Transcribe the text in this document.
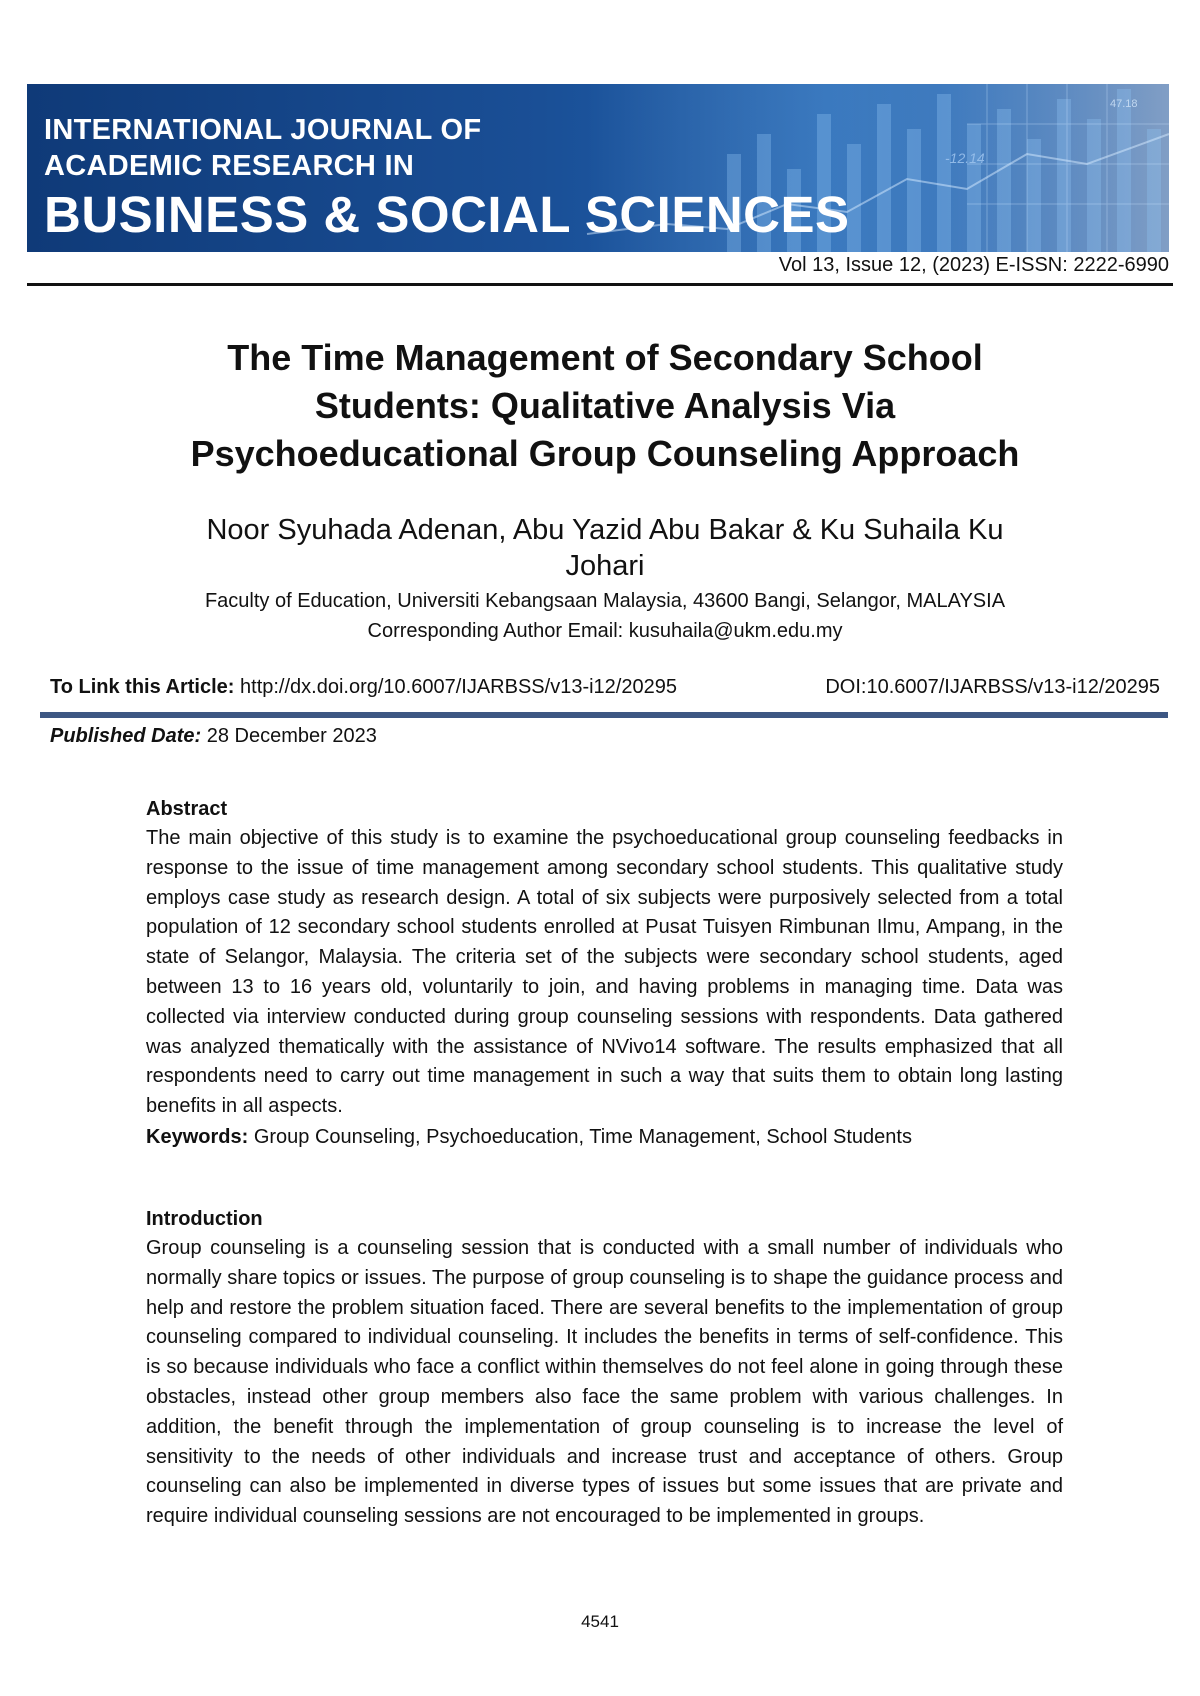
INTERNATIONAL JOURNAL OF
ACADEMIC RESEARCH IN
BUSINESS & SOCIAL SCIENCES
-12.14
47.18
Vol 13, Issue 12, (2023) E-ISSN: 2222-6990
The Time Management of Secondary School
Students: Qualitative Analysis Via
Psychoeducational Group Counseling Approach
Noor Syuhada Adenan, Abu Yazid Abu Bakar & Ku Suhaila Ku
Johari
Faculty of Education, Universiti Kebangsaan Malaysia, 43600 Bangi, Selangor, MALAYSIA
Corresponding Author Email: kusuhaila@ukm.edu.my
To Link this Article: http://dx.doi.org/10.6007/IJARBSS/v13-i12/20295	DOI:10.6007/IJARBSS/v13-i12/20295
Published Date: 28 December 2023
Abstract

The main objective of this study is to examine the psychoeducational group counseling feedbacks in response to the issue of time management among secondary school students. This qualitative study employs case study as research design. A total of six subjects were purposively selected from a total population of 12 secondary school students enrolled at Pusat Tuisyen Rimbunan Ilmu, Ampang, in the state of Selangor, Malaysia. The criteria set of the subjects were secondary school students, aged between 13 to 16 years old, voluntarily to join, and having problems in managing time. Data was collected via interview conducted during group counseling sessions with respondents. Data gathered was analyzed thematically with the assistance of NVivo14 software. The results emphasized that all respondents need to carry out time management in such a way that suits them to obtain long lasting benefits in all aspects.

Keywords: Group Counseling, Psychoeducation, Time Management, School Students
Introduction

Group counseling is a counseling session that is conducted with a small number of individuals who normally share topics or issues. The purpose of group counseling is to shape the guidance process and help and restore the problem situation faced. There are several benefits to the implementation of group counseling compared to individual counseling. It includes the benefits in terms of self-confidence. This is so because individuals who face a conflict within themselves do not feel alone in going through these obstacles, instead other group members also face the same problem with various challenges. In addition, the benefit through the implementation of group counseling is to increase the level of sensitivity to the needs of other individuals and increase trust and acceptance of others. Group counseling can also be implemented in diverse types of issues but some issues that are private and require individual counseling sessions are not encouraged to be implemented in groups.

4541
